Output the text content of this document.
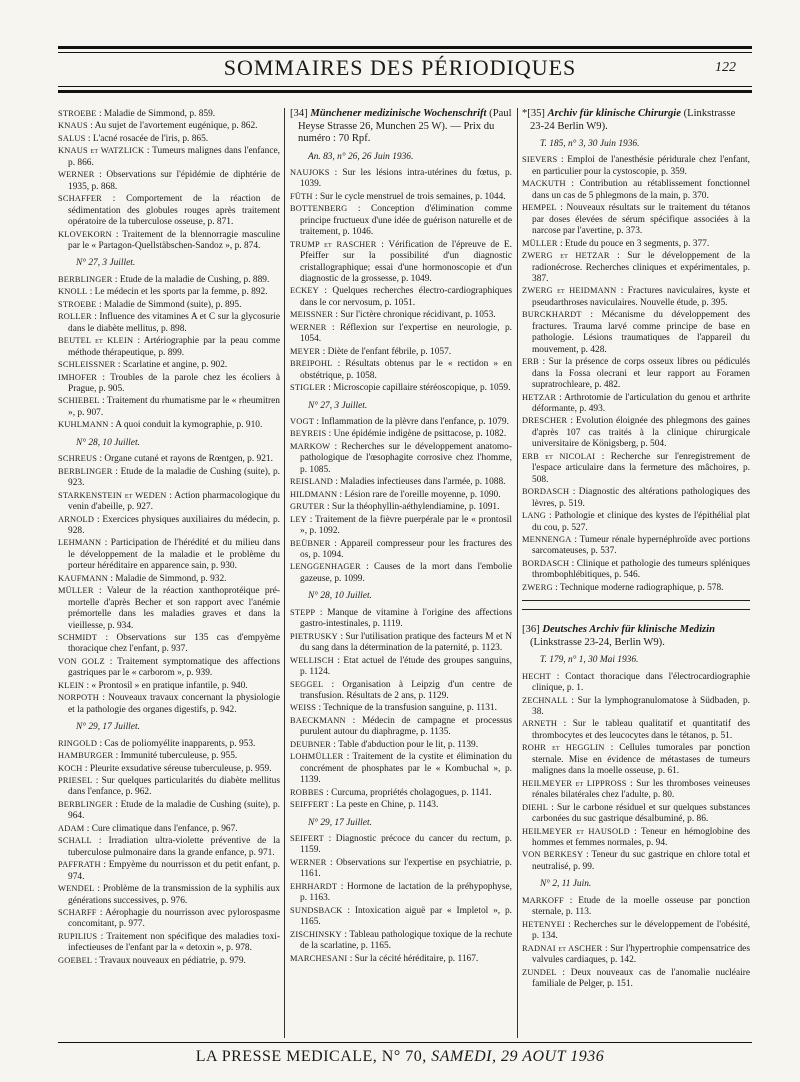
SOMMAIRES DES PÉRIODIQUES	122

STROEBE : Maladie de Simmond, p. 859.

KNAUS : Au sujet de l'avortement eugénique, p. 862.

SALUS : L'acné rosacée de l'iris, p. 865.

KNAUS et WATZLICK : Tumeurs malignes dans l'enfance, p. 866.

WERNER : Observations sur l'épidémie de diphtérie de 1935, p. 868.

SCHAFFER : Comportement de la réaction de sédimentation des globules rouges après traitement opératoire de la tuberculose osseuse, p. 871.

KLOVEKORN : Traitement de la blennorragie masculine par le « Partagon-Quellstäbschen-Sandoz », p. 874.

N° 27, 3 Juillet.

BERBLINGER : Etude de la maladie de Cushing, p. 889.

KNOLL : Le médecin et les sports par la femme, p. 892.

STROEBE : Maladie de Simmond (suite), p. 895.

ROLLER : Influence des vitamines A et C sur la glycosurie dans le diabète mellitus, p. 898.

BEUTEL et KLEIN : Artériographie par la peau comme méthode thérapeutique, p. 899.

SCHLEISSNER : Scarlatine et angine, p. 902.

IMHOFER : Troubles de la parole chez les écoliers à Prague, p. 905.

SCHIEBEL : Traitement du rhumatisme par le « rheumitren », p. 907.

KUHLMANN : A quoi conduit la kymographie, p. 910.

N° 28, 10 Juillet.

SCHREUS : Organe cutané et rayons de Rœntgen, p. 921.

BERBLINGER : Etude de la maladie de Cushing (suite), p. 923.

STARKENSTEIN et WEDEN : Action pharmacologique du venin d'abeille, p. 927.

ARNOLD : Exercices physiques auxiliaires du médecin, p. 928.

LEHMANN : Participation de l'hérédité et du milieu dans le développement de la maladie et le problème du porteur héréditaire en apparence sain, p. 930.

KAUFMANN : Maladie de Simmond, p. 932.

MÜLLER : Valeur de la réaction xanthoprotéique pré-mortelle d'après Becher et son rapport avec l'anémie prémortelle dans les maladies graves et dans la vieillesse, p. 934.

SCHMIDT : Observations sur 135 cas d'empyème thoracique chez l'enfant, p. 937.

VON GOLZ : Traitement symptomatique des affections gastriques par le « carborom », p. 939.

KLEIN : « Prontosil » en pratique infantile, p. 940.

NORPOTH : Nouveaux travaux concernant la physiologie et la pathologie des organes digestifs, p. 942.

N° 29, 17 Juillet.

RINGOLD : Cas de poliomyélite inapparents, p. 953.

HAMBURGER : Immunité tuberculeuse, p. 955.

KOCH : Pleurite exsudative séreuse tuberculeuse, p. 959.

PRIESEL : Sur quelques particularités du diabète mellitus dans l'enfance, p. 962.

BERBLINGER : Etude de la maladie de Cushing (suite), p. 964.

ADAM : Cure climatique dans l'enfance, p. 967.

SCHALL : Irradiation ultra-violette préventive de la tuberculose pulmonaire dans la grande enfance, p. 971.

PAFFRATH : Empyème du nourrisson et du petit enfant, p. 974.

WENDEL : Problème de la transmission de la syphilis aux générations successives, p. 976.

SCHARFF : Aérophagie du nourrisson avec pylorospasme concomitant, p. 977.

RUPILIUS : Traitement non spécifique des maladies toxi-infectieuses de l'enfant par la « detoxin », p. 978.

GOEBEL : Travaux nouveaux en pédiatrie, p. 979.

[34] Münchener medizinische Wochenschrift (Paul Heyse Strasse 26, Munchen 25 W). — Prix du numéro : 70 Rpf.
An. 83, n° 26, 26 Juin 1936.

NAUJOKS : Sur les lésions intra-utérines du fœtus, p. 1039.

FÜTH : Sur le cycle menstruel de trois semaines, p. 1044.

BOTTENBERG : Conception d'élimination comme principe fructueux d'une idée de guérison naturelle et de traitement, p. 1046.

TRUMP et RASCHER : Vérification de l'épreuve de E. Pfeiffer sur la possibilité d'un diagnostic cristallographique; essai d'une hormonoscopie et d'un diagnostic de la grossesse, p. 1049.

ECKEY : Quelques recherches électro-cardiographiques dans le cor nervosum, p. 1051.

MEISSNER : Sur l'ictère chronique récidivant, p. 1053.

WERNER : Réflexion sur l'expertise en neurologie, p. 1054.

MEYER : Diète de l'enfant fébrile, p. 1057.

BREIPOHL : Résultats obtenus par le « rectidon » en obstétrique, p. 1058.

STIGLER : Microscopie capillaire stéréoscopique, p. 1059.

N° 27, 3 Juillet.

VOGT : Inflammation de la plèvre dans l'enfance, p. 1079.

BEYREIS : Une épidémie indigène de psittacose, p. 1082.

MARKOW : Recherches sur le développement anatomo-pathologique de l'œsophagite corrosive chez l'homme, p. 1085.

REISLAND : Maladies infectieuses dans l'armée, p. 1088.

HILDMANN : Lésion rare de l'oreille moyenne, p. 1090.

GRUTER : Sur la théophyllin-aéthylendiamine, p. 1091.

LEY : Traitement de la fièvre puerpérale par le « prontosil », p. 1092.

BEÜBNER : Appareil compresseur pour les fractures des os, p. 1094.

LENGGENHAGER : Causes de la mort dans l'embolie gazeuse, p. 1099.

N° 28, 10 Juillet.

STEPP : Manque de vitamine à l'origine des affections gastro-intestinales, p. 1119.

PIETRUSKY : Sur l'utilisation pratique des facteurs M et N du sang dans la détermination de la paternité, p. 1123.

WELLISCH : Etat actuel de l'étude des groupes sanguins, p. 1124.

SEGGEL : Organisation à Leipzig d'un centre de transfusion. Résultats de 2 ans, p. 1129.

WEISS : Technique de la transfusion sanguine, p. 1131.

BAECKMANN : Médecin de campagne et processus purulent autour du diaphragme, p. 1135.

DEUBNER : Table d'abduction pour le lit, p. 1139.

LOHMÜLLER : Traitement de la cystite et élimination du concrément de phosphates par le « Kombuchal », p. 1139.

ROBBES : Curcuma, propriétés cholagogues, p. 1141.

SEIFFERT : La peste en Chine, p. 1143.

N° 29, 17 Juillet.

SEIFERT : Diagnostic précoce du cancer du rectum, p. 1159.

WERNER : Observations sur l'expertise en psychiatrie, p. 1161.

EHRHARDT : Hormone de lactation de la préhypophyse, p. 1163.

SUNDSBACK : Intoxication aiguë par « Impletol », p. 1165.

ZISCHINSKY : Tableau pathologique toxique de la rechute de la scarlatine, p. 1165.

MARCHESANI : Sur la cécité héréditaire, p. 1167.

*[35] Archiv für klinische Chirurgie (Linkstrasse 23-24 Berlin W9).
T. 185, n° 3, 30 Juin 1936.

SIEVERS : Emploi de l'anesthésie péridurale chez l'enfant, en particulier pour la cystoscopie, p. 359.

MACKUTH : Contribution au rétablissement fonctionnel dans un cas de 5 phlegmons de la main, p. 370.

HEMPEL : Nouveaux résultats sur le traitement du tétanos par doses élevées de sérum spécifique associées à la narcose par l'avertine, p. 373.

MÜLLER : Etude du pouce en 3 segments, p. 377.

ZWERG et HETZAR : Sur le développement de la radionécrose. Recherches cliniques et expérimentales, p. 387.

ZWERG et HEIDMANN : Fractures naviculaires, kyste et pseudarthroses naviculaires. Nouvelle étude, p. 395.

BURCKHARDT : Mécanisme du développement des fractures. Trauma larvé comme principe de base en pathologie. Lésions traumatiques de l'appareil du mouvement, p. 428.

ERB : Sur la présence de corps osseux libres ou pédiculés dans la Fossa olecrani et leur rapport au Foramen supratrochleare, p. 482.

HETZAR : Arthrotomie de l'articulation du genou et arthrite déformante, p. 493.

DRESCHER : Evolution éloignée des phlegmons des gaines d'après 107 cas traités à la clinique chirurgicale universitaire de Königsberg, p. 504.

ERB et NICOLAI : Recherche sur l'enregistrement de l'espace articulaire dans la fermeture des mâchoires, p. 508.

BORDASCH : Diagnostic des altérations pathologiques des lèvres, p. 519.

LANG : Pathologie et clinique des kystes de l'épithélial plat du cou, p. 527.

MENNENGA : Tumeur rénale hypernéphroïde avec portions sarcomateuses, p. 537.

BORDASCH : Clinique et pathologie des tumeurs spléniques thrombophlébitiques, p. 546.

ZWERG : Technique moderne radiographique, p. 578.

[36] Deutsches Archiv für klinische Medizin (Linkstrasse 23-24, Berlin W9).
T. 179, n° 1, 30 Mai 1936.

HECHT : Contact thoracique dans l'électrocardiographie clinique, p. 1.

ZECHNALL : Sur la lymphogranulomatose à Südbaden, p. 38.

ARNETH : Sur le tableau qualitatif et quantitatif des thrombocytes et des leucocytes dans le tétanos, p. 51.

ROHR et HEGGLIN : Cellules tumorales par ponction sternale. Mise en évidence de métastases de tumeurs malignes dans la moelle osseuse, p. 61.

HEILMEYER et LIPPROSS : Sur les thromboses veineuses rénales bilatérales chez l'adulte, p. 80.

DIEHL : Sur le carbone résiduel et sur quelques substances carbonées du suc gastrique désalbuminé, p. 86.

HEILMEYER et HAUSOLD : Teneur en hémoglobine des hommes et femmes normales, p. 94.

VON BERKESY : Teneur du suc gastrique en chlore total et neutralisé, p. 99.

N° 2, 11 Juin.

MARKOFF : Etude de la moelle osseuse par ponction sternale, p. 113.

HETENYEI : Recherches sur le développement de l'obésité, p. 134.

RADNAI et ASCHER : Sur l'hypertrophie compensatrice des valvules cardiaques, p. 142.

ZUNDEL : Deux nouveaux cas de l'anomalie nucléaire familiale de Pelger, p. 151.

LA PRESSE MEDICALE, N° 70, SAMEDI, 29 AOUT 1936
